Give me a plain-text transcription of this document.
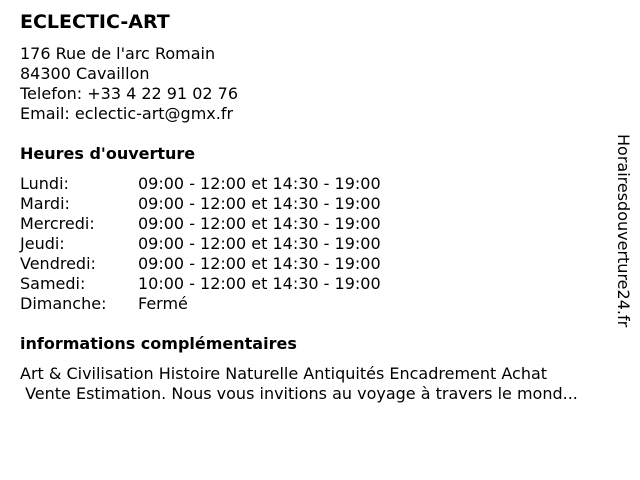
ECLECTIC-ART
176 Rue de l'arc Romain
84300 Cavaillon
Telefon: +33 4 22 91 02 76
Email: eclectic-art@gmx.fr
Heures d'ouverture
Lundi:	09:00 - 12:00 et 14:30 - 19:00
Mardi:	09:00 - 12:00 et 14:30 - 19:00
Mercredi:	09:00 - 12:00 et 14:30 - 19:00
Jeudi:	09:00 - 12:00 et 14:30 - 19:00
Vendredi:	09:00 - 12:00 et 14:30 - 19:00
Samedi:	10:00 - 12:00 et 14:30 - 19:00
Dimanche: Fermé
informations complémentaires
Art & Civilisation Histoire Naturelle Antiquités Encadrement Achat
Vente Estimation. Nous vous invitions au voyage à travers le mond...
Horairesdouverture24.fr
